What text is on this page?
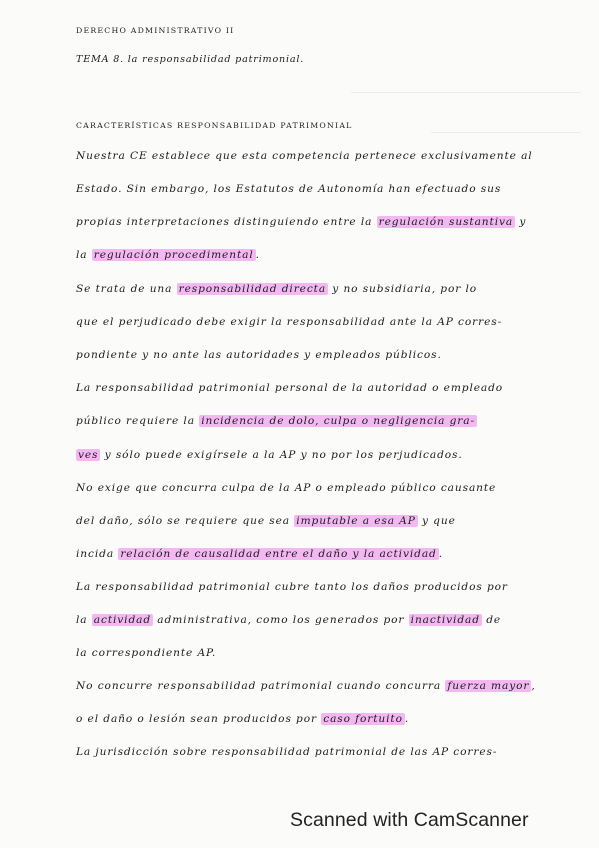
DERECHO ADMINISTRATIVO II
TEMA 8. la responsabilidad patrimonial.
CARACTERÍSTICAS RESPONSABILIDAD PATRIMONIAL
Nuestra CE establece que esta competencia pertenece exclusivamente al
Estado. Sin embargo, los Estatutos de Autonomía han efectuado sus
propias interpretaciones distinguiendo entre la regulación sustantiva y
la regulación procedimental .
Se trata de una responsabilidad directa y no subsidiaria, por lo
que el perjudicado debe exigir la responsabilidad ante la AP corres-
pondiente y no ante las autoridades y empleados públicos.
La responsabilidad patrimonial personal de la autoridad o empleado
público requiere la incidencia de dolo, culpa o negligencia gra-
ves y sólo puede exigírsele a la AP y no por los perjudicados.
No exige que concurra culpa de la AP o empleado público causante
del daño, sólo se requiere que sea imputable a esa AP y que
incida relación de causalidad entre el daño y la actividad .
La responsabilidad patrimonial cubre tanto los daños producidos por
la actividad administrativa, como los generados por inactividad de
la correspondiente AP.
No concurre responsabilidad patrimonial cuando concurra fuerza mayor ,
o el daño o lesión sean producidos por caso fortuito .
La jurisdicción sobre responsabilidad patrimonial de las AP corres-
Scanned with CamScanner
